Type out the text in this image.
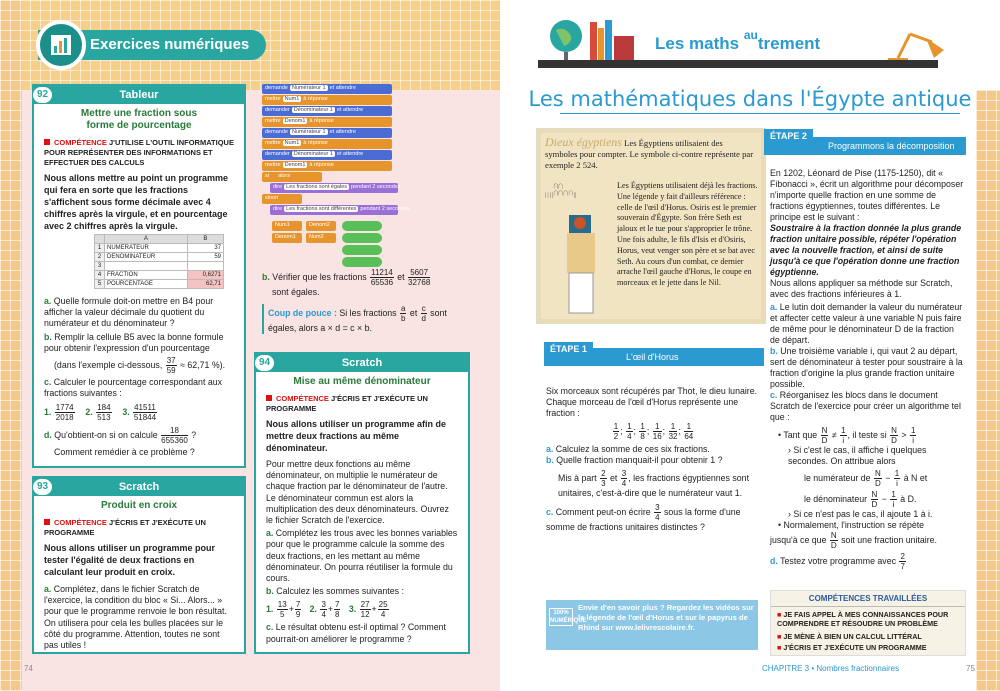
Exercices numériques
92	Tableur
Mettre une fraction sous forme de pourcentage
COMPÉTENCE J'UTILISE L'OUTIL INFORMATIQUE POUR REPRÉSENTER DES INFORMATIONS ET EFFECTUER DES CALCULS
Nous allons mettre au point un programme qui fera en sorte que les fractions s'affichent sous forme décimale avec 4 chiffres après la virgule, et en pourcentage avec 2 chiffres après la virgule.
	A	B
1	NUMERATEUR	37
2	DENOMINATEUR	59
3		
4	FRACTION	0,6271
5	POURCENTAGE	62,71
a. Quelle formule doit-on mettre en B4 pour afficher la valeur décimale du quotient du numérateur et du dénominateur ?
b. Remplir la cellule B5 avec la bonne formule pour obtenir l'expression d'un pourcentage
(dans l'exemple ci-dessous, $\frac{37}{59} \approx 62,71$ %).
c. Calculer le pourcentage correspondant aux fractions suivantes :
1. $\frac{1774}{2018} 2$. $\frac{184}{513} 3$. $\frac{41511}{51844}$
d. Qu'obtient-on si on calcule $\frac{18}{655360}$ ?
Comment remédier à ce problème ?
demande Numérateur 1 et attendre
mettre Num1 à réponse
demander Dénominateur 1 et attendre
mettre Denom1 à réponse
demande Numérateur 1 et attendre
mettre Num1 à réponse
demander Dénominateur 1 et attendre
mettre Denom1 à réponse
si alors
dire Les fractions sont égales pendant 2 secondes
sinon
dire Les fractions sont différentes pendant 2 secondes
Num1	Denom2
Denom1	Num2
b. Vérifier que les fractions $\frac{11214}{65536}$ et $\frac{5607}{32768}$
sont égales.
Coup de pouce : Si les fractions $\frac{a}{b}$ et $\frac{c}{d}$ sont égales, alors a × d = c × b.
93	Scratch
Produit en croix
COMPÉTENCE J'ÉCRIS ET J'EXÉCUTE UN PROGRAMME
Nous allons utiliser un programme pour tester l'égalité de deux fractions en calculant leur produit en croix.
a. Complétez, dans le fichier Scratch de l'exercice, la condition du bloc « Si... Alors... » pour que le programme renvoie le bon résultat. On utilisera pour cela les bulles placées sur le côté du programme. Attention, toutes ne sont pas utiles !
94	Scratch
Mise au même dénominateur
COMPÉTENCE J'ÉCRIS ET J'EXÉCUTE UN PROGRAMME
Nous allons utiliser un programme afin de mettre deux fractions au même dénominateur.
Pour mettre deux fonctions au même dénominateur, on multiplie le numérateur de chaque fraction par le dénominateur de l'autre. Le dénominateur commun est alors la multiplication des deux dénominateurs. Ouvrez le fichier Scratch de l'exercice.
a. Complétez les trous avec les bonnes variables pour que le programme calcule la somme des deux fractions, en les mettant au même dénominateur. On pourra réutiliser la formule du cours.
b. Calculez les sommes suivantes :
1. $\frac{13}{5} + \frac{7}{9} 2$. $\frac{3}{4} + \frac{7}{8} 3$. $\frac{27}{12} + \frac{25}{4}$
c. Le résultat obtenu est-il optimal ? Comment pourrait-on améliorer le programme ?
74
Les maths $^{au}$trement
Les mathématiques dans l'Égypte antique
Dieux égyptiens Les Égyptiens utilisaient des symboles pour compter. Le symbole ci-contre représente par exemple 2 524.
𓏽𓎉𓎆𓎆𓏺𓏺	Les Égyptiens utilisaient déjà les fractions. Une légende y fait d'ailleurs référence : celle de l'œil d'Horus. Osiris est le premier souverain d'Égypte. Son frère Seth est jaloux et le tue pour s'approprier le trône. Une fois adulte, le fils d'Isis et d'Osiris, Horus, veut venger son père et se bat avec Seth. Au cours d'un combat, ce dernier arrache l'œil gauche d'Horus, le coupe en morceaux et le jette dans le Nil.
ÉTAPE 1
L'œil d'Horus
Six morceaux sont récupérés par Thot, le dieu lunaire. Chaque morceau de l'œil d'Horus représente une fraction :
$\frac{1}{2}$ ; $\frac{1}{4}$ ; $\frac{1}{8}$ ; $\frac{1}{16}$ ; $\frac{1}{32}$ ; $\frac{1}{64}$
a. Calculez la somme de ces six fractions.
b. Quelle fraction manquait-il pour obtenir 1 ?
Mis à part $\frac{2}{3}$ et $\frac{3}{4}$ , les fractions égyptiennes sont unitaires, c'est-à-dire que le numérateur vaut 1.
c. Comment peut-on écrire $\frac{3}{4}$ sous la forme d'une somme de fractions unitaires distinctes ?
100% NUMÉRIQUE
Envie d'en savoir plus ? Regardez les vidéos sur la légende de l'œil d'Horus et sur le papyrus de Rhind sur www.lelivrescolaire.fr.
ÉTAPE 2
Programmons la décomposition
En 1202, Léonard de Pise (1175-1250), dit « Fibonacci », écrit un algorithme pour décomposer n'importe quelle fraction en une somme de fractions égyptiennes, toutes différentes. Le principe est le suivant :
Soustraire à la fraction donnée la plus grande fraction unitaire possible, répéter l'opération avec la nouvelle fraction, et ainsi de suite jusqu'à ce que l'opération donne une fraction égyptienne.
Nous allons appliquer sa méthode sur Scratch, avec des fractions inférieures à 1.
a. Le lutin doit demander la valeur du numérateur et affecter cette valeur à une variable N puis faire de même pour le dénominateur D de la fraction de départ.
b. Une troisième variable i, qui vaut 2 au départ, sert de dénominateur à tester pour soustraire à la fraction d'origine la plus grande fraction unitaire possible.
c. Réorganisez les blocs dans le document Scratch de l'exercice pour créer un algorithme tel que :
• Tant que $\frac{N}{D} \ne \frac{1}{i}$ , il teste si $\frac{N}{D} > \frac{1}{i}$
› Si c'est le cas, il affiche i quelques secondes. On attribue alors
le numérateur de $\frac{N}{D} - \frac{1}{i}$ à N et
le dénominateur $\frac{N}{D} - \frac{1}{i}$ à D.
› Si ce n'est pas le cas, il ajoute 1 à i.
• Normalement, l'instruction se répète
jusqu'à ce que $\frac{N}{D}$ soit une fraction unitaire.
d. Testez votre programme avec $\frac{2}{7}$
COMPÉTENCES TRAVAILLÉES
■ JE FAIS APPEL À MES CONNAISSANCES POUR COMPRENDRE ET RÉSOUDRE UN PROBLÈME
■ JE MÈNE À BIEN UN CALCUL LITTÉRAL
■ J'ÉCRIS ET J'EXÉCUTE UN PROGRAMME
CHAPITRE 3 • Nombres fractionnaires	75
